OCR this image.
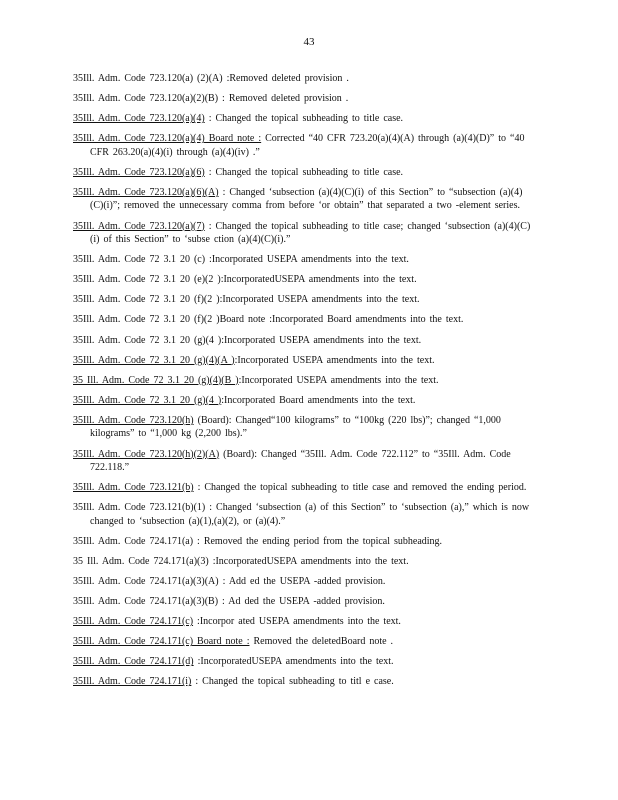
43
35Ill. Adm. Code 723.120(a) (2)(A) :Removed deleted provision .
35Ill. Adm. Code 723.120(a)(2)(B) : Removed deleted provision .
35Ill. Adm. Code 723.120(a)(4) : Changed the topical subheading to title case.
35Ill. Adm. Code 723.120(a)(4) Board note : Corrected “40 CFR 723.20(a)(4)(A) through (a)(4)(D)” to “40 CFR 263.20(a)(4)(i) through (a)(4)(iv) .”
35Ill. Adm. Code 723.120(a)(6) : Changed the topical subheading to title case.
35Ill. Adm. Code 723.120(a)(6)(A) : Changed ‘subsection (a)(4)(C)(i) of this Section” to “subsection (a)(4)(C)(i)”; removed the unnecessary comma from before ‘or obtain” that separated a two -element series.
35Ill. Adm. Code 723.120(a)(7) : Changed the topical subheading to title case; changed ‘subsection (a)(4)(C)(i) of this Section” to ‘subse ction (a)(4)(C)(i).”
35Ill. Adm. Code 72 3.1 20 (c) :Incorporated USEPA amendments into the text.
35Ill. Adm. Code 72 3.1 20 (e)(2 ):IncorporatedUSEPA amendments into the text.
35Ill. Adm. Code 72 3.1 20 (f)(2 ):Incorporated USEPA amendments into the text.
35Ill. Adm. Code 72 3.1 20 (f)(2 )Board note :Incorporated Board amendments into the text.
35Ill. Adm. Code 72 3.1 20 (g)(4 ):Incorporated USEPA amendments into the text.
35Ill. Adm. Code 72 3.1 20 (g)(4)(A ):Incorporated USEPA amendments into the text.
35 Ill. Adm. Code 72 3.1 20 (g)(4)(B ):Incorporated USEPA amendments into the text.
35Ill. Adm. Code 72 3.1 20 (g)(4 ):Incorporated Board amendments into the text.
35Ill. Adm. Code 723.120(h) (Board): Changed“100 kilograms” to “100kg (220 lbs)”; changed “1,000 kilograms” to “1,000 kg (2,200 lbs).”
35Ill. Adm. Code 723.120(h)(2)(A) (Board): Changed “35Ill. Adm. Code 722.112” to “35Ill. Adm. Code 722.118.”
35Ill. Adm. Code 723.121(b) : Changed the topical subheading to title case and removed the ending period.
35Ill. Adm. Code 723.121(b)(1) : Changed ‘subsection (a) of this Section” to ‘subsection (a),” which is now changed to ‘subsection (a)(1),(a)(2), or (a)(4).”
35Ill. Adm. Code 724.171(a) : Removed the ending period from the topical subheading.
35 Ill. Adm. Code 724.171(a)(3) :IncorporatedUSEPA amendments into the text.
35Ill. Adm. Code 724.171(a)(3)(A) : Add ed the USEPA -added provision.
35Ill. Adm. Code 724.171(a)(3)(B) : Ad ded the USEPA -added provision.
35Ill. Adm. Code 724.171(c) :Incorpor ated USEPA amendments into the text.
35Ill. Adm. Code 724.171(c) Board note : Removed the deletedBoard note .
35Ill. Adm. Code 724.171(d) :IncorporatedUSEPA amendments into the text.
35Ill. Adm. Code 724.171(i) : Changed the topical subheading to titl e case.
